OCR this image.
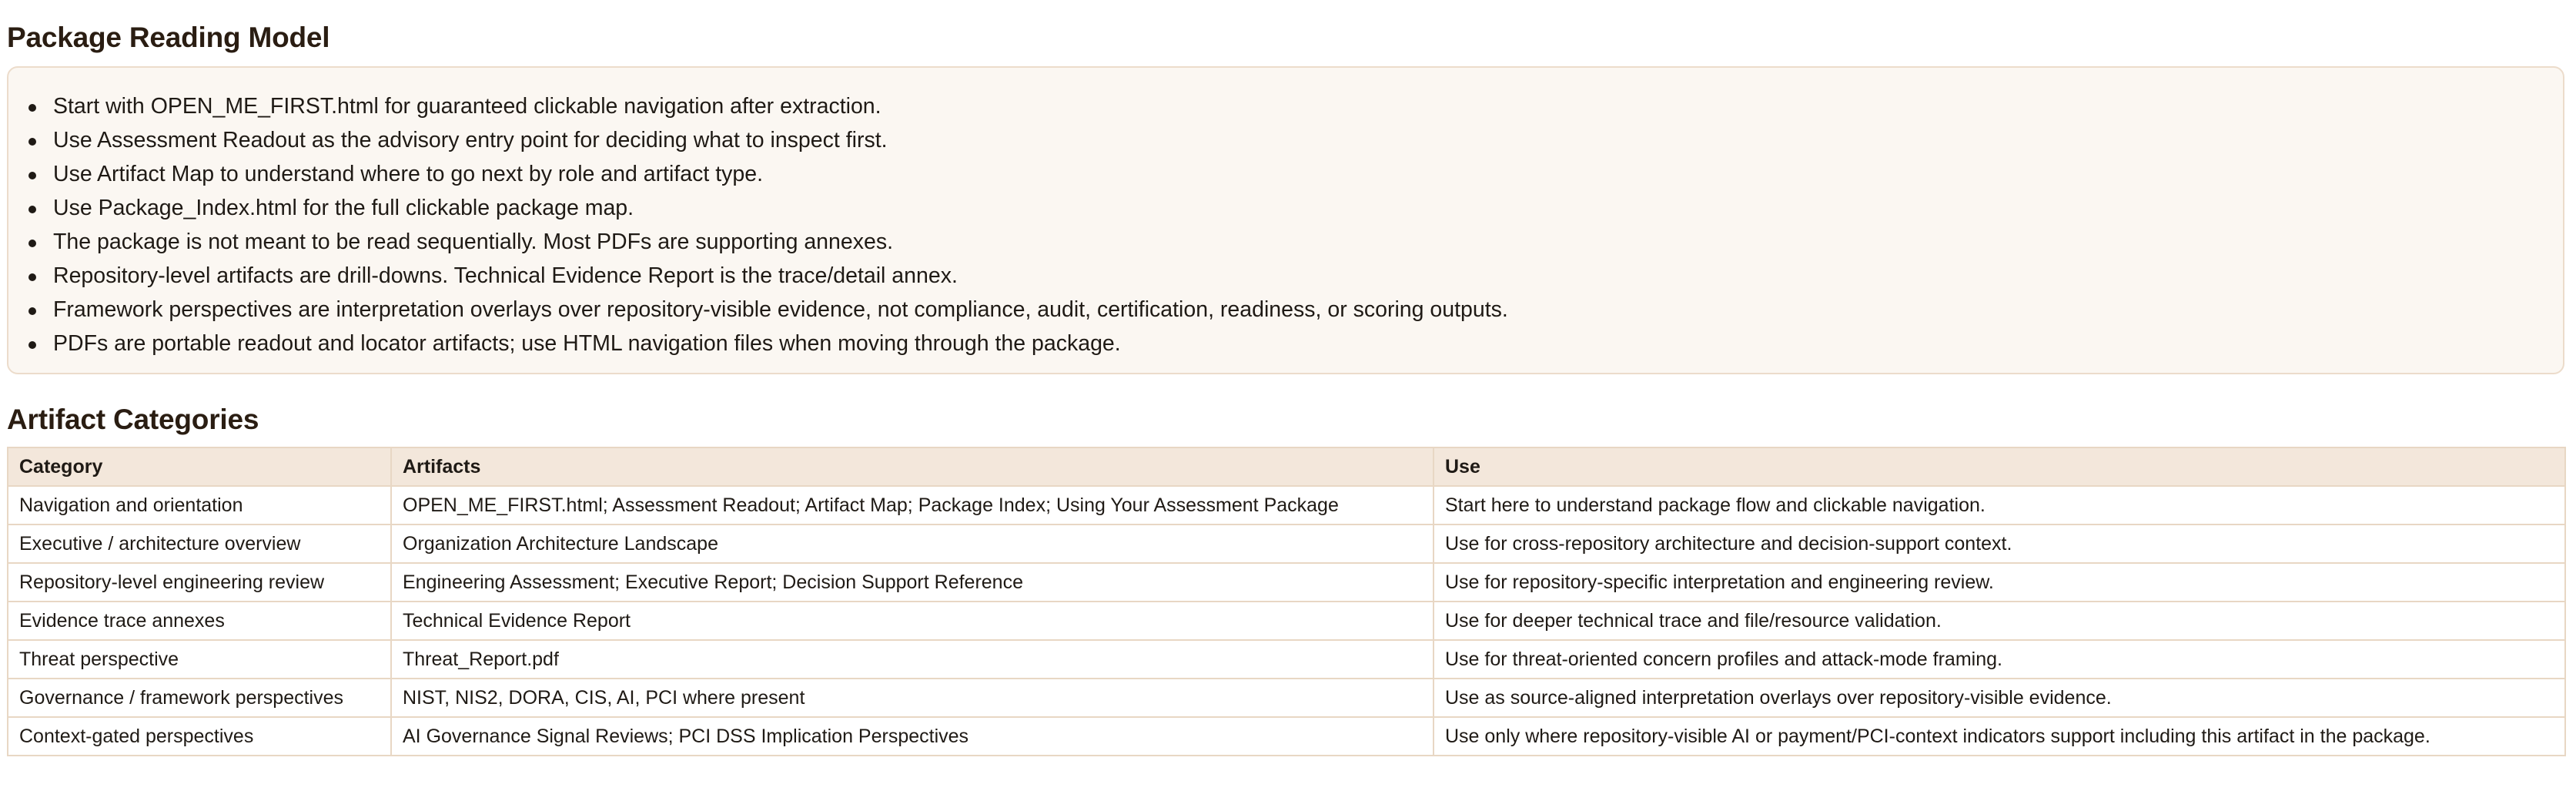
Package Reading Model
Start with OPEN_ME_FIRST.html for guaranteed clickable navigation after extraction.
Use Assessment Readout as the advisory entry point for deciding what to inspect first.
Use Artifact Map to understand where to go next by role and artifact type.
Use Package_Index.html for the full clickable package map.
The package is not meant to be read sequentially. Most PDFs are supporting annexes.
Repository-level artifacts are drill-downs. Technical Evidence Report is the trace/detail annex.
Framework perspectives are interpretation overlays over repository-visible evidence, not compliance, audit, certification, readiness, or scoring outputs.
PDFs are portable readout and locator artifacts; use HTML navigation files when moving through the package.
Artifact Categories
Category	Artifacts	Use
Navigation and orientation	OPEN_ME_FIRST.html; Assessment Readout; Artifact Map; Package Index; Using Your Assessment Package	Start here to understand package flow and clickable navigation.
Executive / architecture overview	Organization Architecture Landscape	Use for cross-repository architecture and decision-support context.
Repository-level engineering review	Engineering Assessment; Executive Report; Decision Support Reference	Use for repository-specific interpretation and engineering review.
Evidence trace annexes	Technical Evidence Report	Use for deeper technical trace and file/resource validation.
Threat perspective	Threat_Report.pdf	Use for threat-oriented concern profiles and attack-mode framing.
Governance / framework perspectives	NIST, NIS2, DORA, CIS, AI, PCI where present	Use as source-aligned interpretation overlays over repository-visible evidence.
Context-gated perspectives	AI Governance Signal Reviews; PCI DSS Implication Perspectives	Use only where repository-visible AI or payment/PCI-context indicators support including this artifact in the package.
